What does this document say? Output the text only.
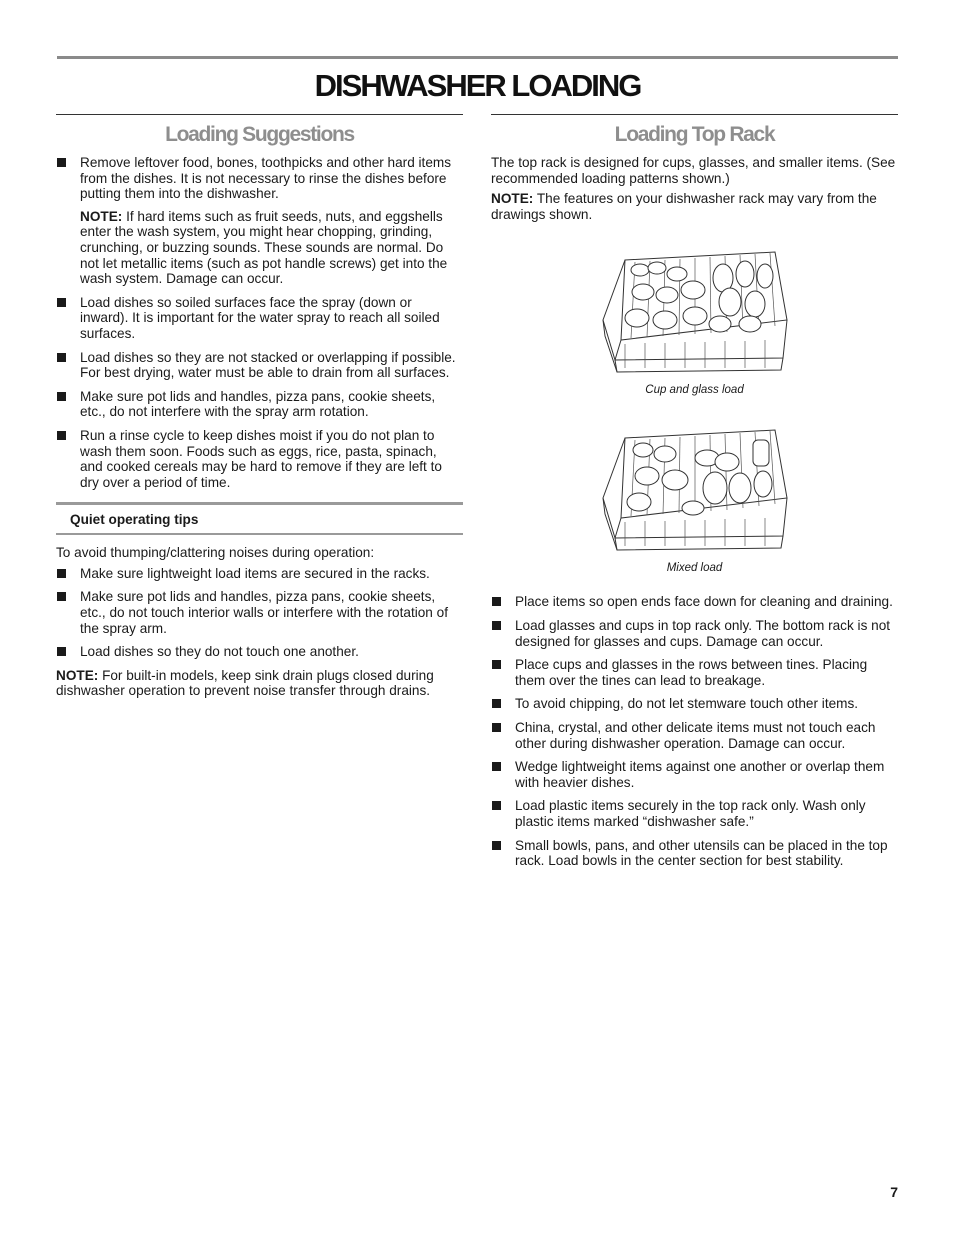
DISHWASHER LOADING
Loading Suggestions
Remove leftover food, bones, toothpicks and other hard items from the dishes. It is not necessary to rinse the dishes before putting them into the dishwasher.

NOTE: If hard items such as fruit seeds, nuts, and eggshells enter the wash system, you might hear chopping, grinding, crunching, or buzzing sounds. These sounds are normal. Do not let metallic items (such as pot handle screws) get into the wash system. Damage can occur.

Load dishes so soiled surfaces face the spray (down or inward). It is important for the water spray to reach all soiled surfaces.
Load dishes so they are not stacked or overlapping if possible. For best drying, water must be able to drain from all surfaces.
Make sure pot lids and handles, pizza pans, cookie sheets, etc., do not interfere with the spray arm rotation.
Run a rinse cycle to keep dishes moist if you do not plan to wash them soon. Foods such as eggs, rice, pasta, spinach, and cooked cereals may be hard to remove if they are left to dry over a period of time.
Quiet operating tips

To avoid thumping/clattering noises during operation:

Make sure lightweight load items are secured in the racks.
Make sure pot lids and handles, pizza pans, cookie sheets, etc., do not touch interior walls or interfere with the rotation of the spray arm.
Load dishes so they do not touch one another.

NOTE: For built-in models, keep sink drain plugs closed during dishwasher operation to prevent noise transfer through drains.

Loading Top Rack

The top rack is designed for cups, glasses, and smaller items. (See recommended loading patterns shown.)

NOTE: The features on your dishwasher rack may vary from the drawings shown.

Cup and glass load
Mixed load
Place items so open ends face down for cleaning and draining.
Load glasses and cups in top rack only. The bottom rack is not designed for glasses and cups. Damage can occur.
Place cups and glasses in the rows between tines. Placing them over the tines can lead to breakage.
To avoid chipping, do not let stemware touch other items.
China, crystal, and other delicate items must not touch each other during dishwasher operation. Damage can occur.
Wedge lightweight items against one another or overlap them with heavier dishes.
Load plastic items securely in the top rack only. Wash only plastic items marked “dishwasher safe.”
Small bowls, pans, and other utensils can be placed in the top rack. Load bowls in the center section for best stability.
7
